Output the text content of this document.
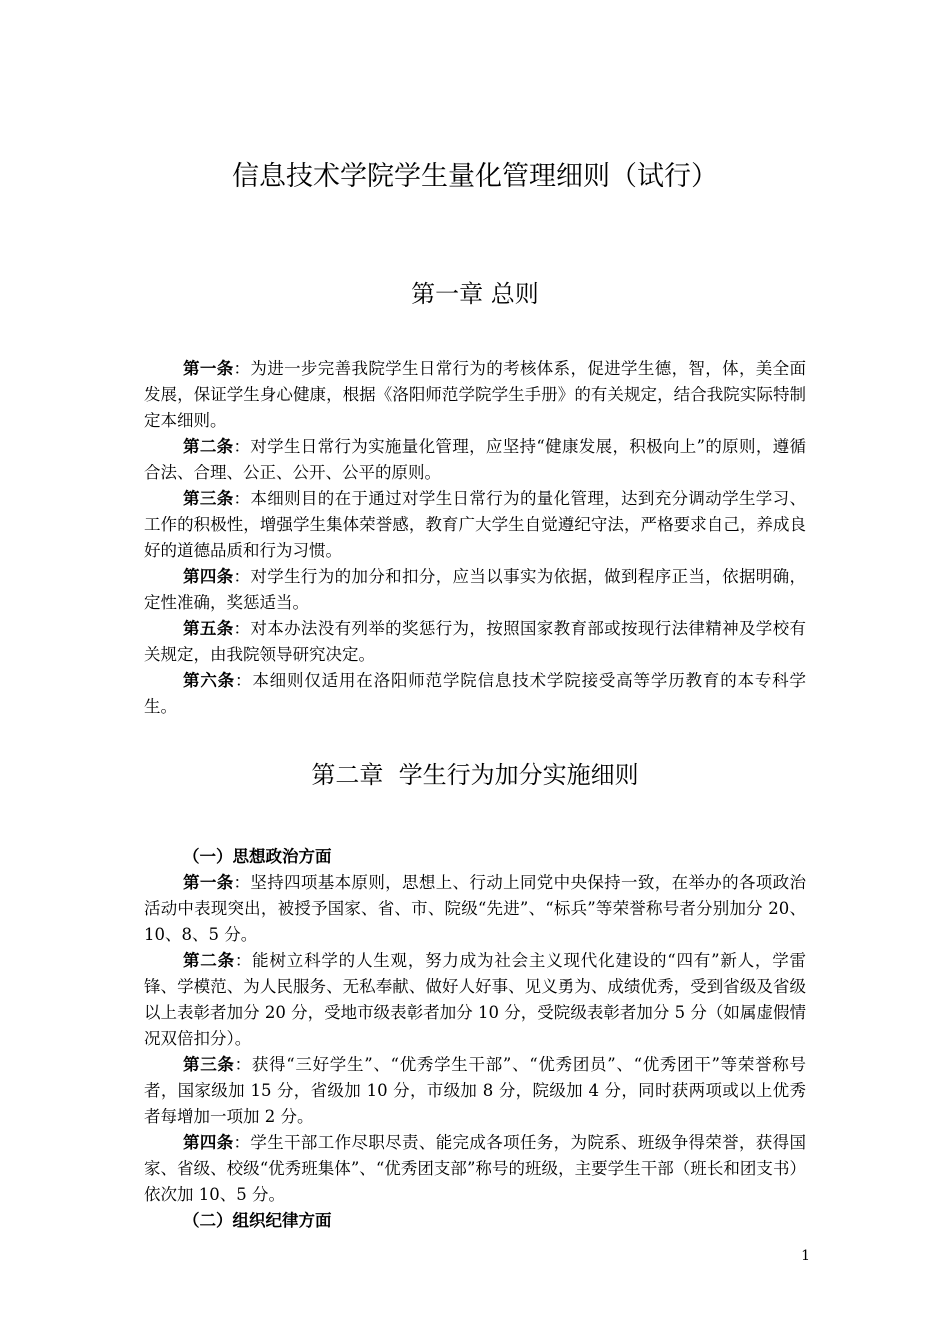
信息技术学院学生量化管理细则（试行）
第一章 总则

第一条：为进一步完善我院学生日常行为的考核体系，促进学生德，智，体，美全面发展，保证学生身心健康，根据《洛阳师范学院学生手册》的有关规定，结合我院实际特制定本细则。

第二条：对学生日常行为实施量化管理，应坚持“健康发展，积极向上”的原则，遵循合法、合理、公正、公开、公平的原则。

第三条：本细则目的在于通过对学生日常行为的量化管理，达到充分调动学生学习、工作的积极性，增强学生集体荣誉感，教育广大学生自觉遵纪守法，严格要求自己，养成良好的道德品质和行为习惯。

第四条：对学生行为的加分和扣分，应当以事实为依据，做到程序正当，依据明确，定性准确，奖惩适当。

第五条：对本办法没有列举的奖惩行为，按照国家教育部或按现行法律精神及学校有关规定，由我院领导研究决定。

第六条：本细则仅适用在洛阳师范学院信息技术学院接受高等学历教育的本专科学生。

第二章  学生行为加分实施细则

（一）思想政治方面

第一条：坚持四项基本原则，思想上、行动上同党中央保持一致，在举办的各项政治活动中表现突出，被授予国家、省、市、院级“先进”、“标兵”等荣誉称号者分别加分 20、10、8、5 分。

第二条：能树立科学的人生观，努力成为社会主义现代化建设的“四有”新人，学雷锋、学模范、为人民服务、无私奉献、做好人好事、见义勇为、成绩优秀，受到省级及省级以上表彰者加分 20 分，受地市级表彰者加分 10 分，受院级表彰者加分 5 分（如属虚假情况双倍扣分）。

第三条：获得“三好学生”、“优秀学生干部”、“优秀团员”、“优秀团干”等荣誉称号者，国家级加 15 分，省级加 10 分，市级加 8 分，院级加 4 分，同时获两项或以上优秀者每增加一项加 2 分。

第四条：学生干部工作尽职尽责、能完成各项任务，为院系、班级争得荣誉，获得国家、省级、校级“优秀班集体”、“优秀团支部”称号的班级，主要学生干部（班长和团支书）依次加 10、5 分。

（二）组织纪律方面

1
